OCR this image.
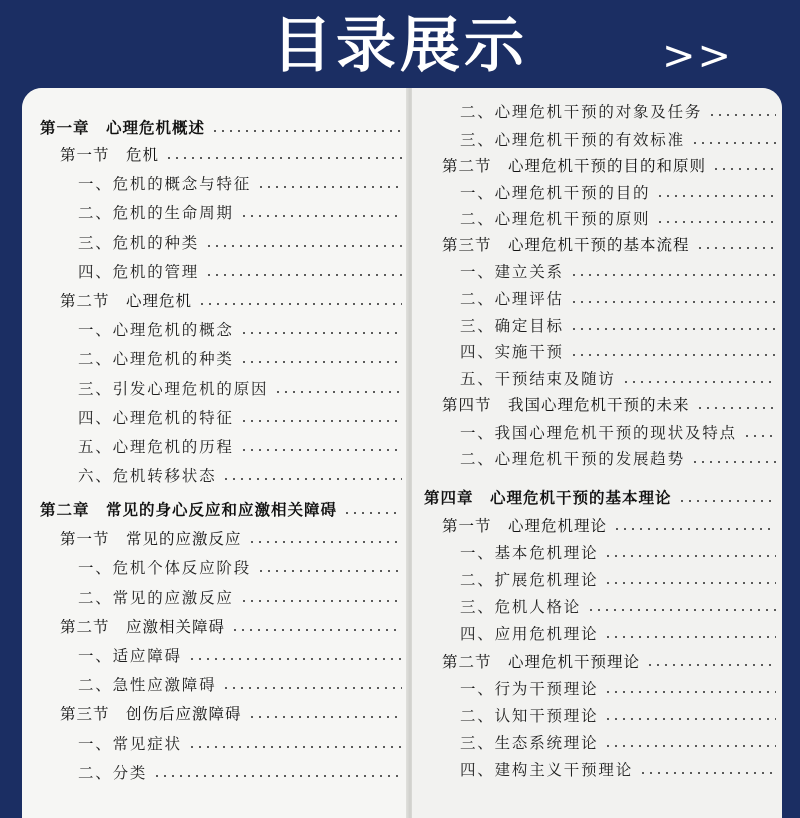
目录展示	>>
第一章　心理危机概述
第一节　危机
一、危机的概念与特征
二、危机的生命周期
三、危机的种类
四、危机的管理
第二节　心理危机
一、心理危机的概念
二、心理危机的种类
三、引发心理危机的原因
四、心理危机的特征
五、心理危机的历程
六、危机转移状态
第二章　常见的身心反应和应激相关障碍
第一节　常见的应激反应
一、危机个体反应阶段
二、常见的应激反应
第二节　应激相关障碍
一、适应障碍
二、急性应激障碍
第三节　创伤后应激障碍
一、常见症状
二、分类
二、心理危机干预的对象及任务
三、心理危机干预的有效标准
第二节　心理危机干预的目的和原则
一、心理危机干预的目的
二、心理危机干预的原则
第三节　心理危机干预的基本流程
一、建立关系
二、心理评估
三、确定目标
四、实施干预
五、干预结束及随访
第四节　我国心理危机干预的未来
一、我国心理危机干预的现状及特点
二、心理危机干预的发展趋势
第四章　心理危机干预的基本理论
第一节　心理危机理论
一、基本危机理论
二、扩展危机理论
三、危机人格论
四、应用危机理论
第二节　心理危机干预理论
一、行为干预理论
二、认知干预理论
三、生态系统理论
四、建构主义干预理论
